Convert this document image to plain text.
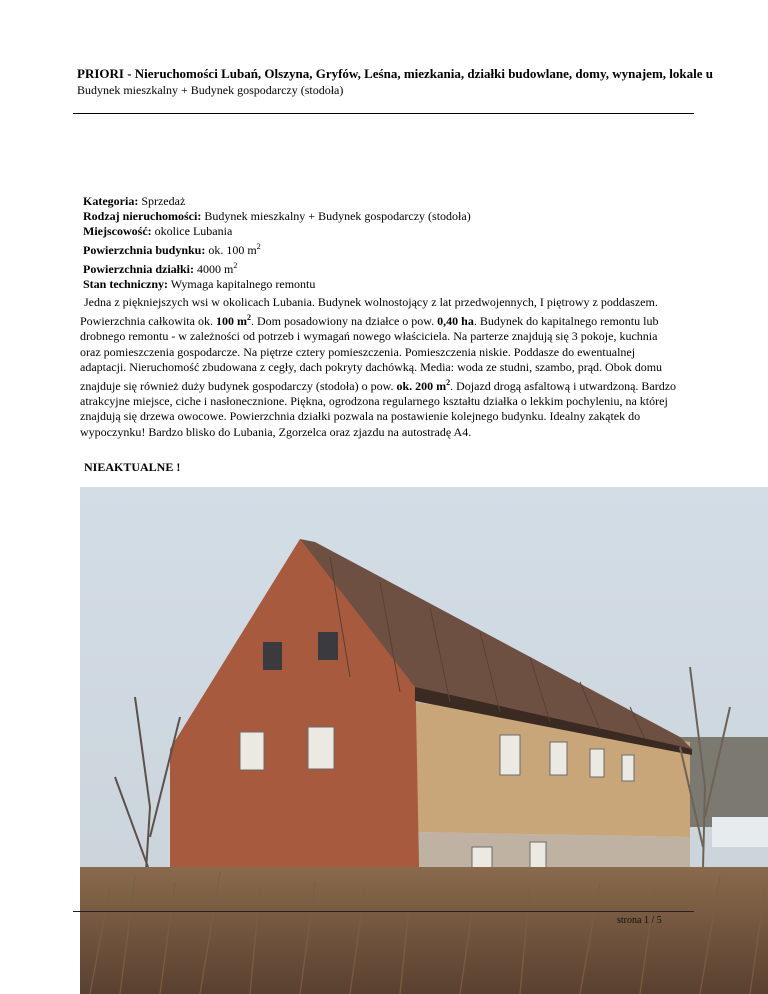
PRIORI - Nieruchomości Lubań, Olszyna, Gryfów, Leśna, miezkania, działki budowlane, domy, wynajem, lokale u
Budynek mieszkalny + Budynek gospodarczy (stodoła)
Kategoria: Sprzedaż
Rodzaj nieruchomości: Budynek mieszkalny + Budynek gospodarczy (stodoła)
Miejscowość: okolice Lubania
Powierzchnia budynku: ok. 100 $m^2$
Powierzchnia działki: 4000 $m^2$
Stan techniczny: Wymaga kapitalnego remontu

Jedna z piękniejszych wsi w okolicach Lubania. Budynek wolnostojący z lat przedwojennych, I piętrowy z poddaszem. Powierzchnia całkowita ok. 100 $m^2$. Dom posadowiony na działce o pow. 0,40 ha. Budynek do kapitalnego remontu lub drobnego remontu - w zależności od potrzeb i wymagań nowego właściciela. Na parterze znajdują się 3 pokoje, kuchnia oraz pomieszczenia gospodarcze. Na piętrze cztery pomieszczenia. Pomieszczenia niskie. Poddasze do ewentualnej adaptacji. Nieruchomość zbudowana z cegły, dach pokryty dachówką. Media: woda ze studni, szambo, prąd. Obok domu znajduje się również duży budynek gospodarczy (stodoła) o pow. ok. 200 $m^2$. Dojazd drogą asfaltową i utwardzoną. Bardzo atrakcyjne miejsce, ciche i nasłonecznione. Piękna, ogrodzona regularnego kształtu działka o lekkim pochyleniu, na której znajdują się drzewa owocowe. Powierzchnia działki pozwala na postawienie kolejnego budynku. Idealny zakątek do wypoczynku! Bardzo blisko do Lubania, Zgorzelca oraz zjazdu na autostradę A4.

NIEAKTUALNE !
strona 1 / 5
